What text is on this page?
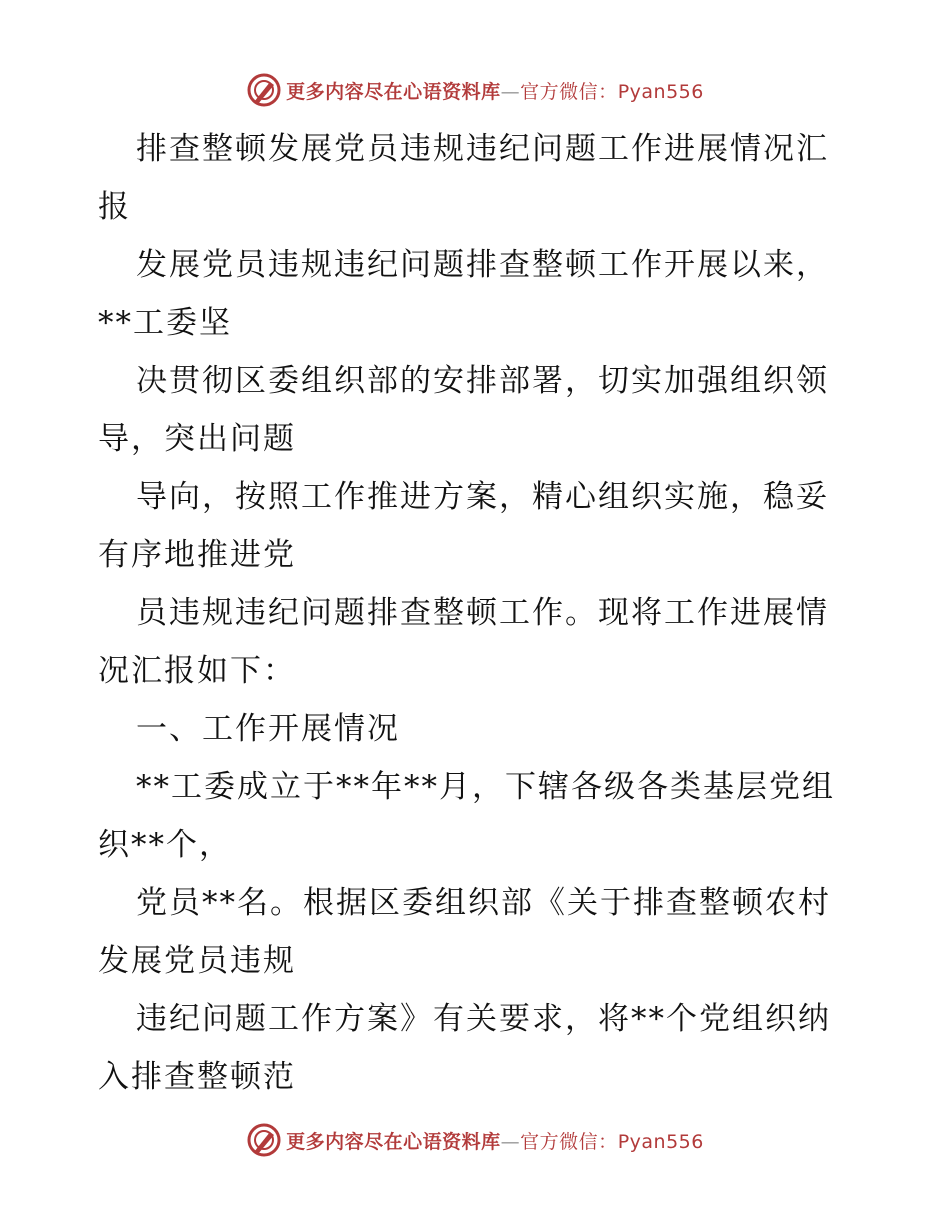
更多内容尽在心语资料库—官方微信：Pyan556
排查整顿发展党员违规违纪问题工作进展情况汇
报
发展党员违规违纪问题排查整顿工作开展以来，
**工委坚
决贯彻区委组织部的安排部署，切实加强组织领
导，突出问题
导向，按照工作推进方案，精心组织实施，稳妥
有序地推进党
员违规违纪问题排查整顿工作。现将工作进展情
况汇报如下：
一、工作开展情况
**工委成立于**年**月，下辖各级各类基层党组
织**个，
党员**名。根据区委组织部《关于排查整顿农村
发展党员违规
违纪问题工作方案》有关要求，将**个党组织纳
入排查整顿范
更多内容尽在心语资料库—官方微信：Pyan556
